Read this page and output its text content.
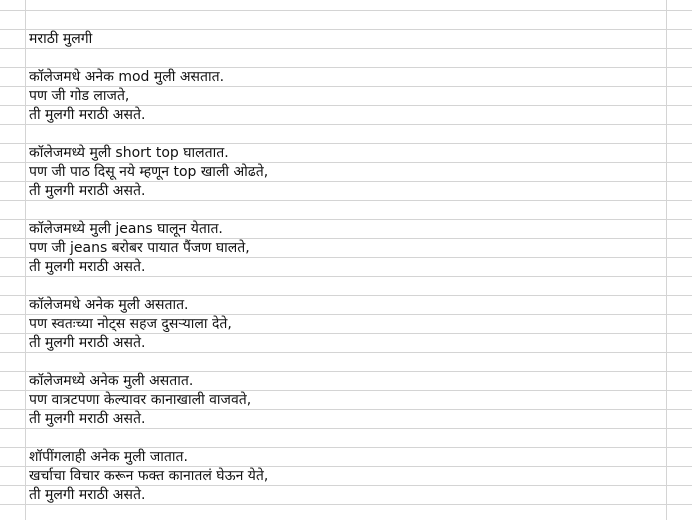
मराठी मुलगी
कॉलेजमधे अनेक mod मुली असतात.
पण जी गोड लाजते,
ती मुलगी मराठी असते.
कॉलेजमध्ये मुली short top घालतात.
पण जी पाठ दिसू नये म्हणून top खाली ओढते,
ती मुलगी मराठी असते.
कॉलेजमध्ये मुली jeans घालून येतात.
पण जी jeans बरोबर पायात पैंजण घालते,
ती मुलगी मराठी असते.
कॉलेजमधे अनेक मुली असतात.
पण स्वतःच्या नोट्स सहज दुसऱ्याला देते,
ती मुलगी मराठी असते.
कॉलेजमध्ये अनेक मुली असतात.
पण वात्रटपणा केल्यावर कानाखाली वाजवते,
ती मुलगी मराठी असते.
शॉपींगलाही अनेक मुली जातात.
खर्चाचा विचार करून फक्त कानातलं घेऊन येते,
ती मुलगी मराठी असते.
